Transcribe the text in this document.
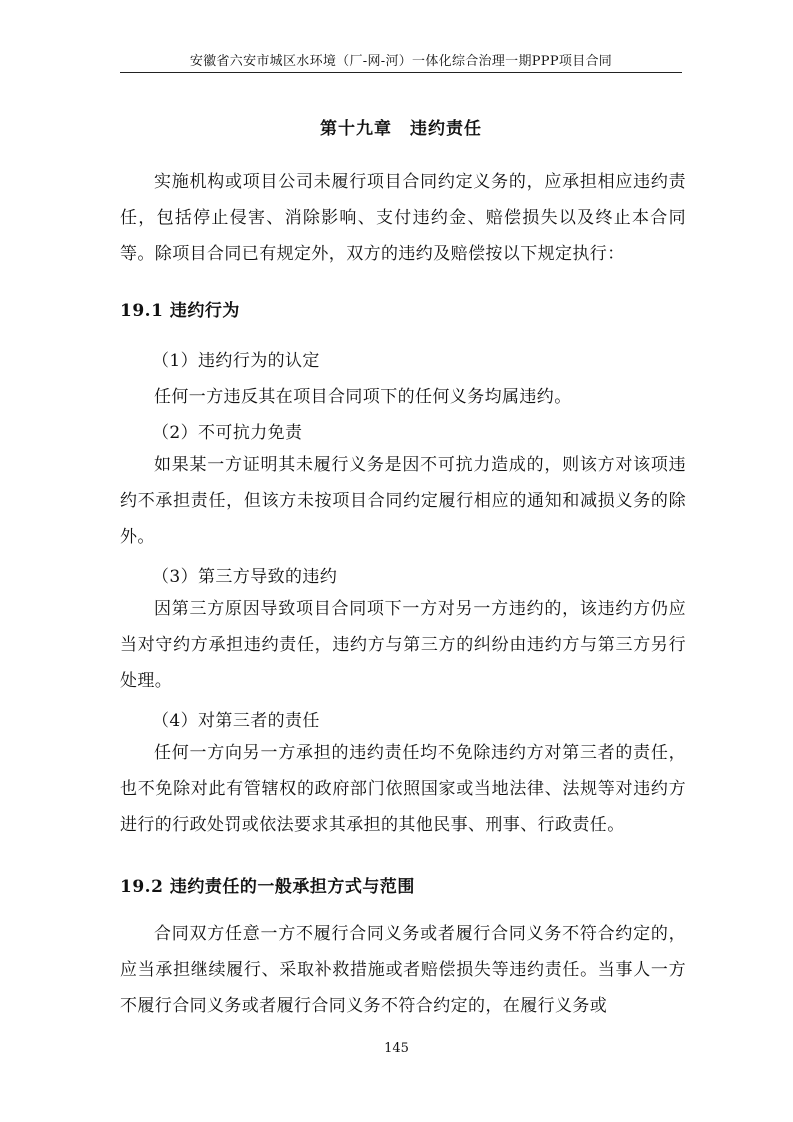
安徽省六安市城区水环境（厂-网-河）一体化综合治理一期PPP项目合同
第十九章　违约责任

实施机构或项目公司未履行项目合同约定义务的，应承担相应违约责任，包括停止侵害、消除影响、支付违约金、赔偿损失以及终止本合同等。除项目合同已有规定外，双方的违约及赔偿按以下规定执行：

19.1 违约行为
（1）违约行为的认定
任何一方违反其在项目合同项下的任何义务均属违约。
（2）不可抗力免责

如果某一方证明其未履行义务是因不可抗力造成的，则该方对该项违约不承担责任，但该方未按项目合同约定履行相应的通知和减损义务的除外。

（3）第三方导致的违约

因第三方原因导致项目合同项下一方对另一方违约的，该违约方仍应当对守约方承担违约责任，违约方与第三方的纠纷由违约方与第三方另行处理。

（4）对第三者的责任

任何一方向另一方承担的违约责任均不免除违约方对第三者的责任，也不免除对此有管辖权的政府部门依照国家或当地法律、法规等对违约方进行的行政处罚或依法要求其承担的其他民事、刑事、行政责任。

19.2 违约责任的一般承担方式与范围

合同双方任意一方不履行合同义务或者履行合同义务不符合约定的，应当承担继续履行、采取补救措施或者赔偿损失等违约责任。当事人一方不履行合同义务或者履行合同义务不符合约定的，在履行义务或

145
